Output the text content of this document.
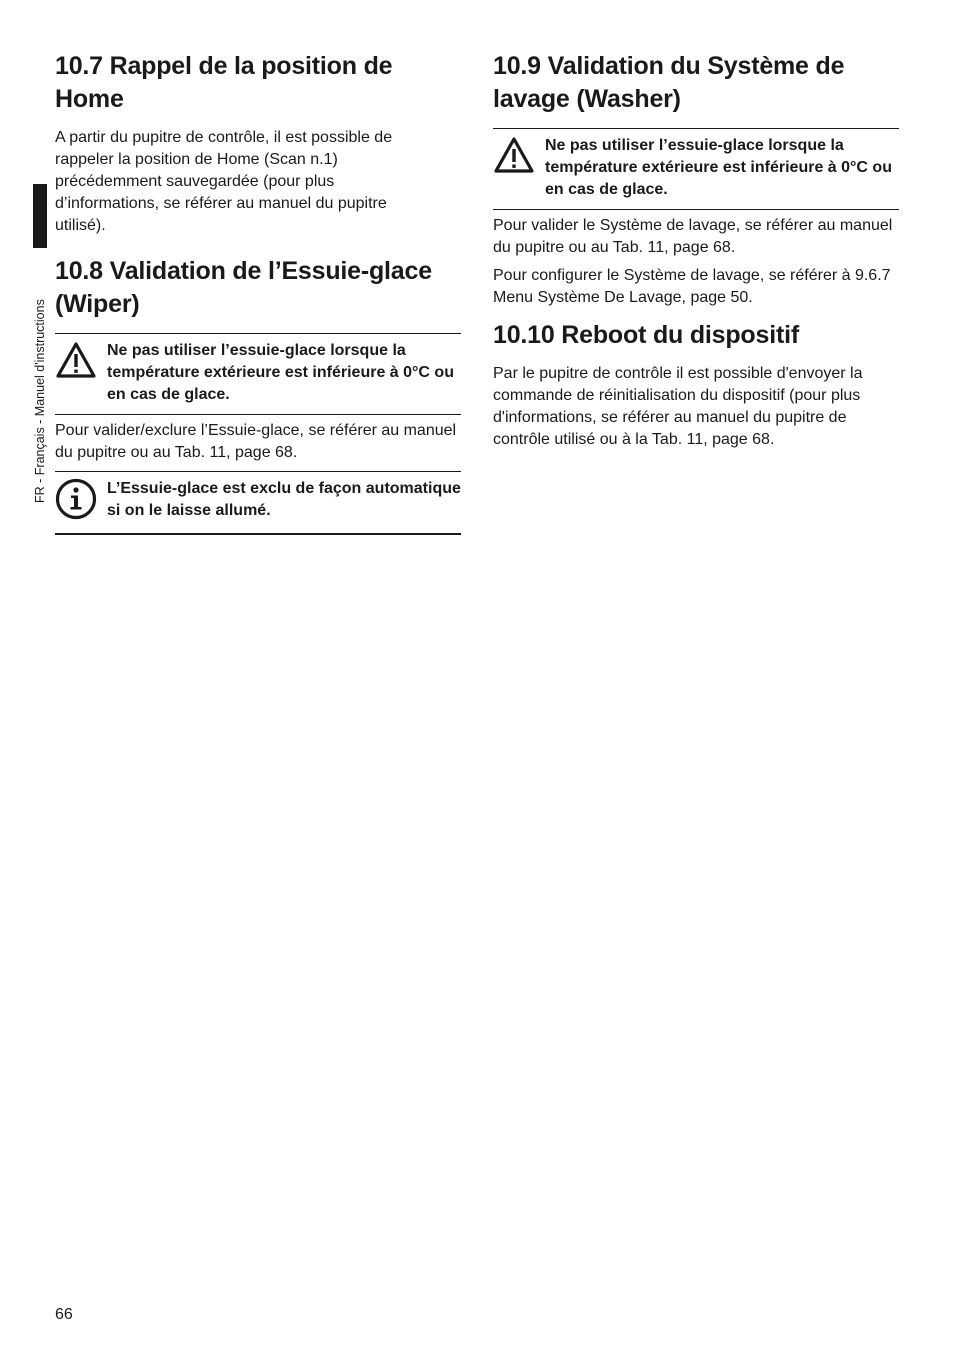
FR - Français - Manuel d'instructions
10.7 Rappel de la position de Home

A partir du pupitre de contrôle, il est possible de rappeler la position de Home (Scan n.1) précédemment sauvegardée (pour plus d’informations, se référer au manuel du pupitre utilisé).

10.8 Validation de l’Essuie-glace (Wiper)
Ne pas utiliser l’essuie-glace lorsque la température extérieure est inférieure à 0°C ou en cas de glace.

Pour valider/exclure l’Essuie-glace, se référer au manuel du pupitre ou au Tab. 11, page 68.

L’Essuie-glace est exclu de façon automatique si on le laisse allumé.
10.9 Validation du Système de lavage (Washer)
Ne pas utiliser l’essuie-glace lorsque la température extérieure est inférieure à 0°C ou en cas de glace.

Pour valider le Système de lavage, se référer au manuel du pupitre ou au Tab. 11, page 68.

Pour configurer le Système de lavage, se référer à 9.6.7 Menu Système De Lavage, page 50.

10.10 Reboot du dispositif

Par le pupitre de contrôle il est possible d'envoyer la commande de réinitialisation du dispositif (pour plus d'informations, se référer au manuel du pupitre de contrôle utilisé ou à la Tab. 11, page 68.

66
